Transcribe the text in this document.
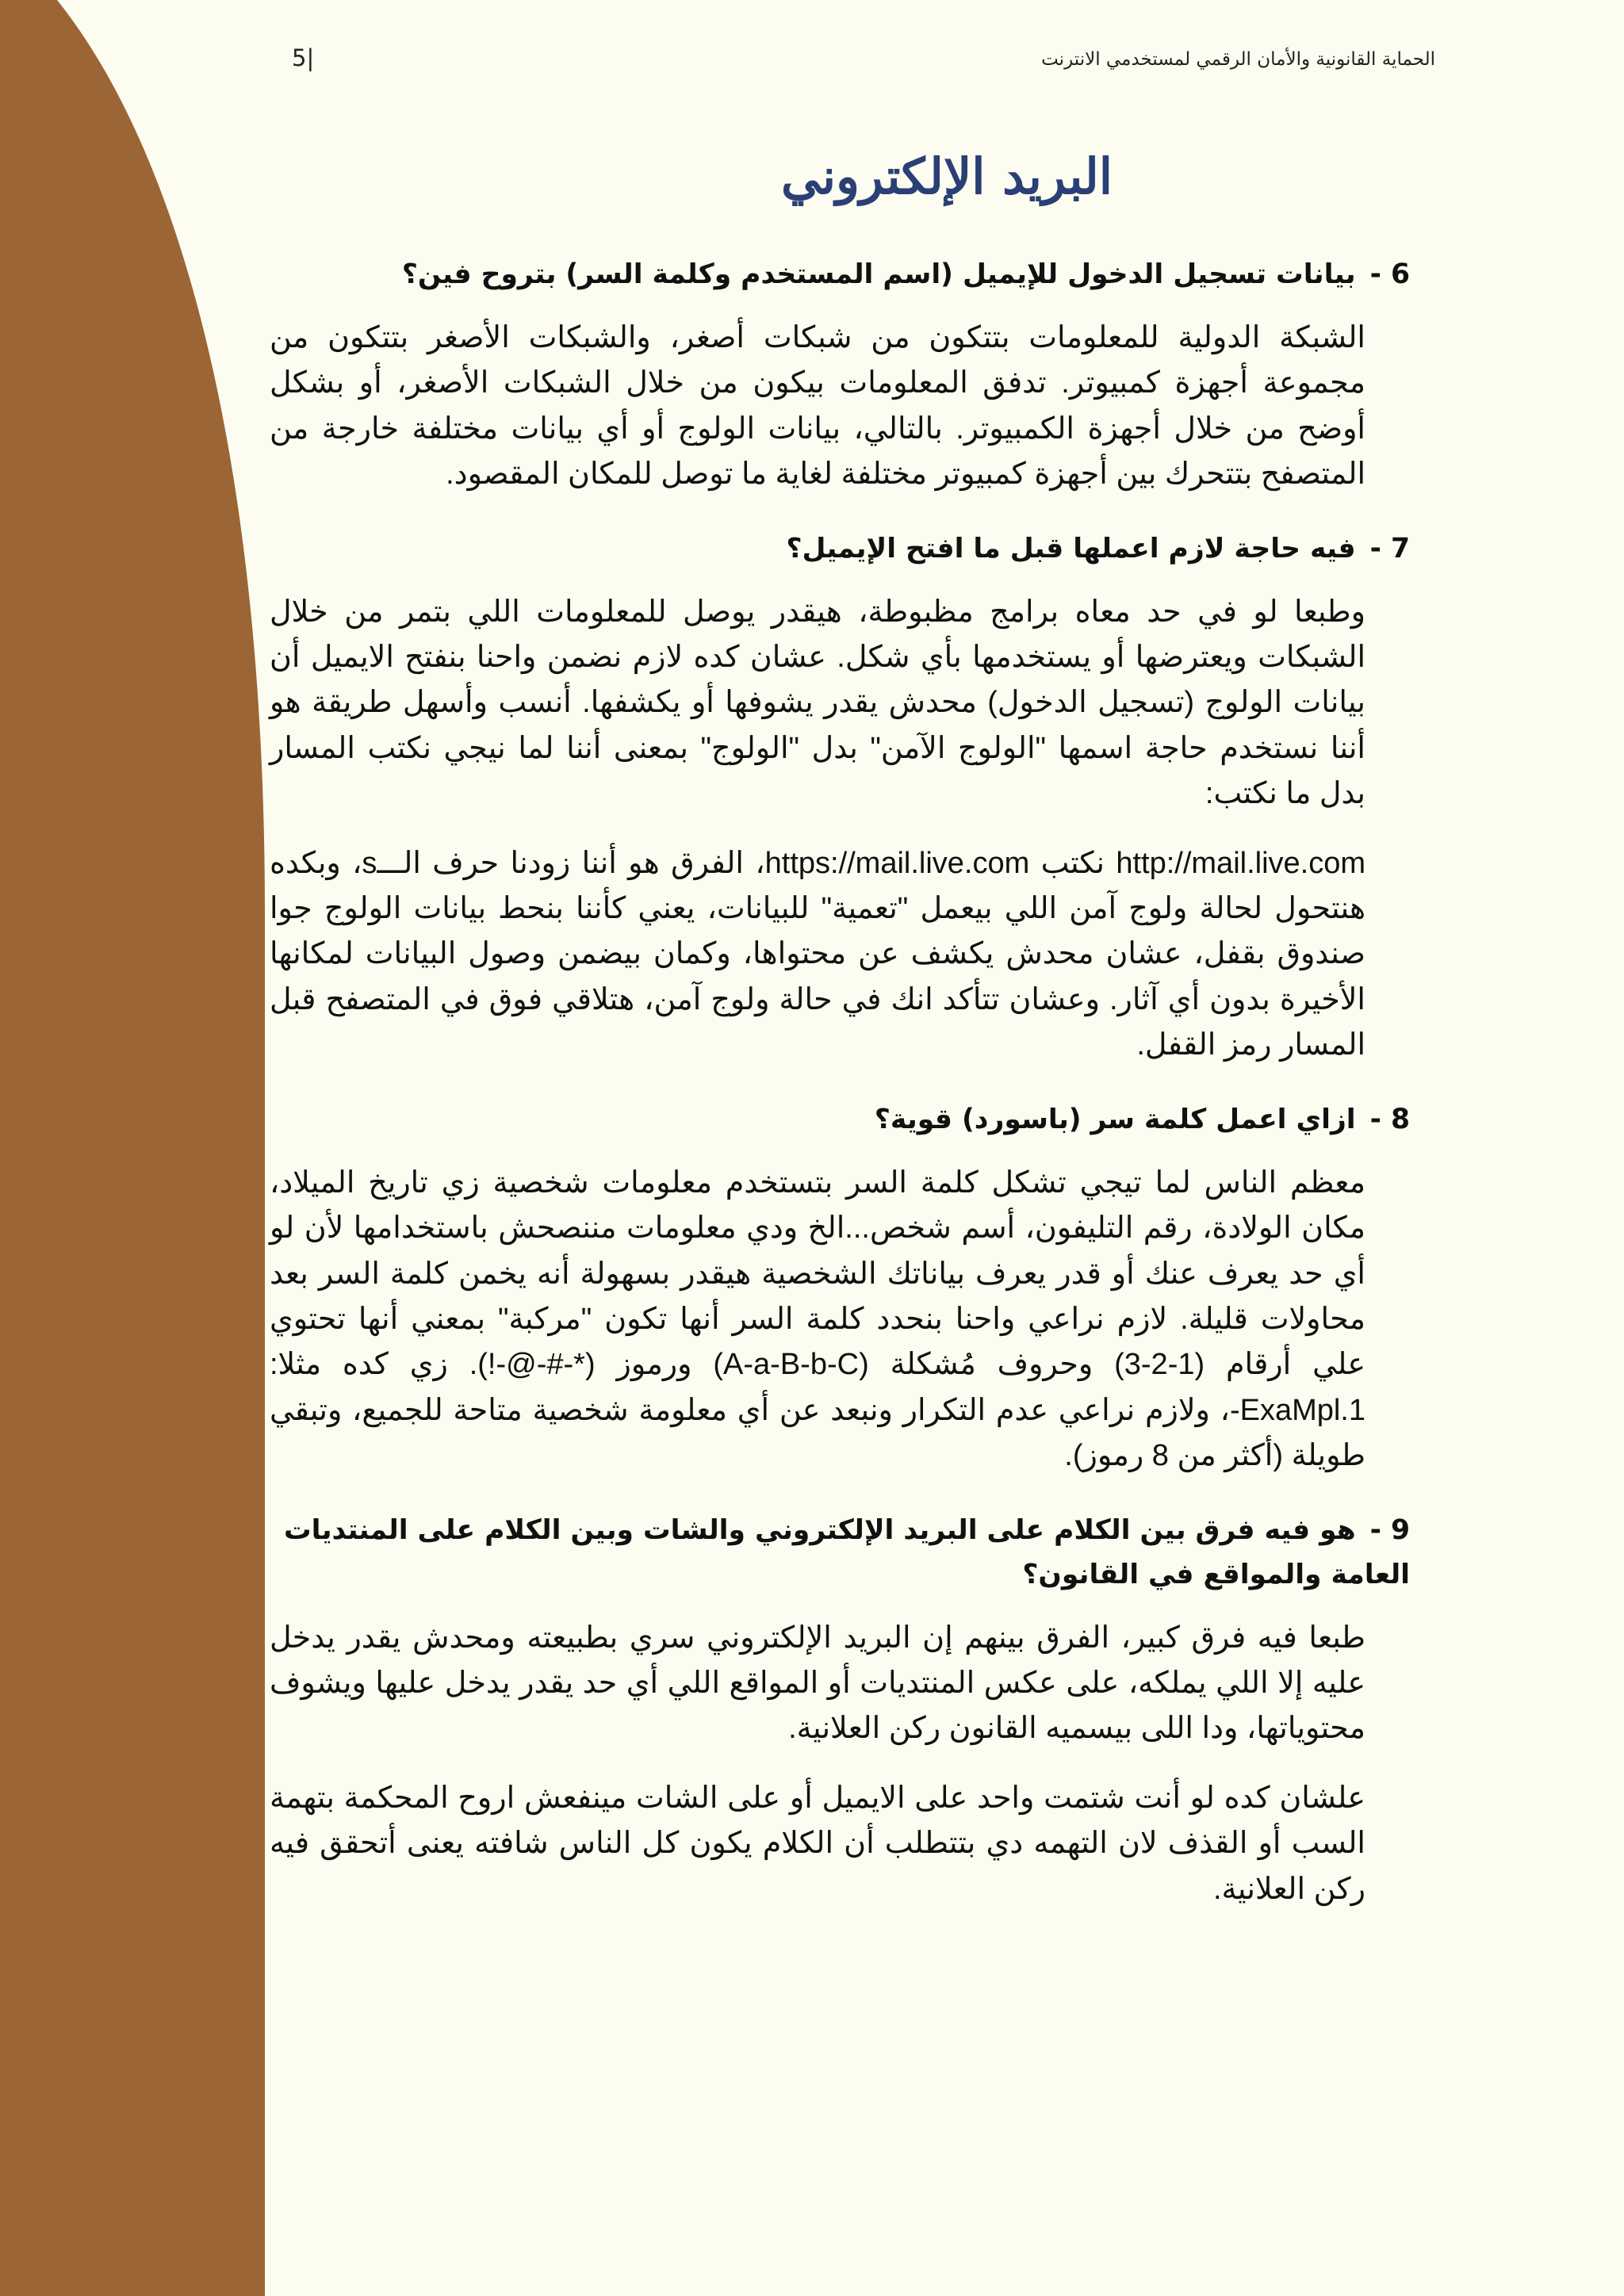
الحماية القانونية والأمان الرقمي لمستخدمي الانترنت
5|
البريد الإلكتروني
6 - بيانات تسجيل الدخول للإيميل (اسم المستخدم وكلمة السر) بتروح فين؟

الشبكة الدولية للمعلومات بتتكون من شبكات أصغر، والشبكات الأصغر بتتكون من مجموعة أجهزة كمبيوتر. تدفق المعلومات بيكون من خلال الشبكات الأصغر، أو بشكل أوضح من خلال أجهزة الكمبيوتر. بالتالي، بيانات الولوج أو أي بيانات مختلفة خارجة من المتصفح بتتحرك بين أجهزة كمبيوتر مختلفة لغاية ما توصل للمكان المقصود.

7 - فيه حاجة لازم اعملها قبل ما افتح الإيميل؟

وطبعا لو في حد معاه برامج مظبوطة، هيقدر يوصل للمعلومات اللي بتمر من خلال الشبكات ويعترضها أو يستخدمها بأي شكل. عشان كده لازم نضمن واحنا بنفتح الايميل أن بيانات الولوج (تسجيل الدخول) محدش يقدر يشوفها أو يكشفها. أنسب وأسهل طريقة هو أننا نستخدم حاجة اسمها "الولوج الآمن" بدل "الولوج" بمعنى أننا لما نيجي نكتب المسار بدل ما نكتب:

http://mail.live.com نكتب https://mail.live.com، الفرق هو أننا زودنا حرف الـــs، وبكده هنتحول لحالة ولوج آمن اللي بيعمل "تعمية" للبيانات، يعني كأننا بنحط بيانات الولوج جوا صندوق بقفل، عشان محدش يكشف عن محتواها، وكمان بيضمن وصول البيانات لمكانها الأخيرة بدون أي آثار. وعشان تتأكد انك في حالة ولوج آمن، هتلاقي فوق في المتصفح قبل المسار رمز القفل.

8 - ازاي اعمل كلمة سر (باسورد) قوية؟

معظم الناس لما تيجي تشكل كلمة السر بتستخدم معلومات شخصية زي تاريخ الميلاد، مكان الولادة، رقم التليفون، أسم شخص...الخ ودي معلومات مننصحش باستخدامها لأن لو أي حد يعرف عنك أو قدر يعرف بياناتك الشخصية هيقدر بسهولة أنه يخمن كلمة السر بعد محاولات قليلة. لازم نراعي واحنا بنحدد كلمة السر أنها تكون "مركبة" بمعني أنها تحتوي علي أرقام (1-2-3) وحروف مُشكلة (A-a-B-b-C) ورموز (*-#-@-!). زي كده مثلا: ExaMpl.1-، ولازم نراعي عدم التكرار ونبعد عن أي معلومة شخصية متاحة للجميع، وتبقي طويلة (أكثر من 8 رموز).

9 - هو فيه فرق بين الكلام على البريد الإلكتروني والشات وبين الكلام على المنتديات العامة والمواقع في القانون؟

طبعا فيه فرق كبير، الفرق بينهم إن البريد الإلكتروني سري بطبيعته ومحدش يقدر يدخل عليه إلا اللي يملكه، على عكس المنتديات أو المواقع اللي أي حد يقدر يدخل عليها ويشوف محتوياتها، ودا اللى بيسميه القانون ركن العلانية.

علشان كده لو أنت شتمت واحد على الايميل أو على الشات مينفعش اروح المحكمة بتهمة السب أو القذف لان التهمه دي بتتطلب أن الكلام يكون كل الناس شافته يعنى أتحقق فيه ركن العلانية.
